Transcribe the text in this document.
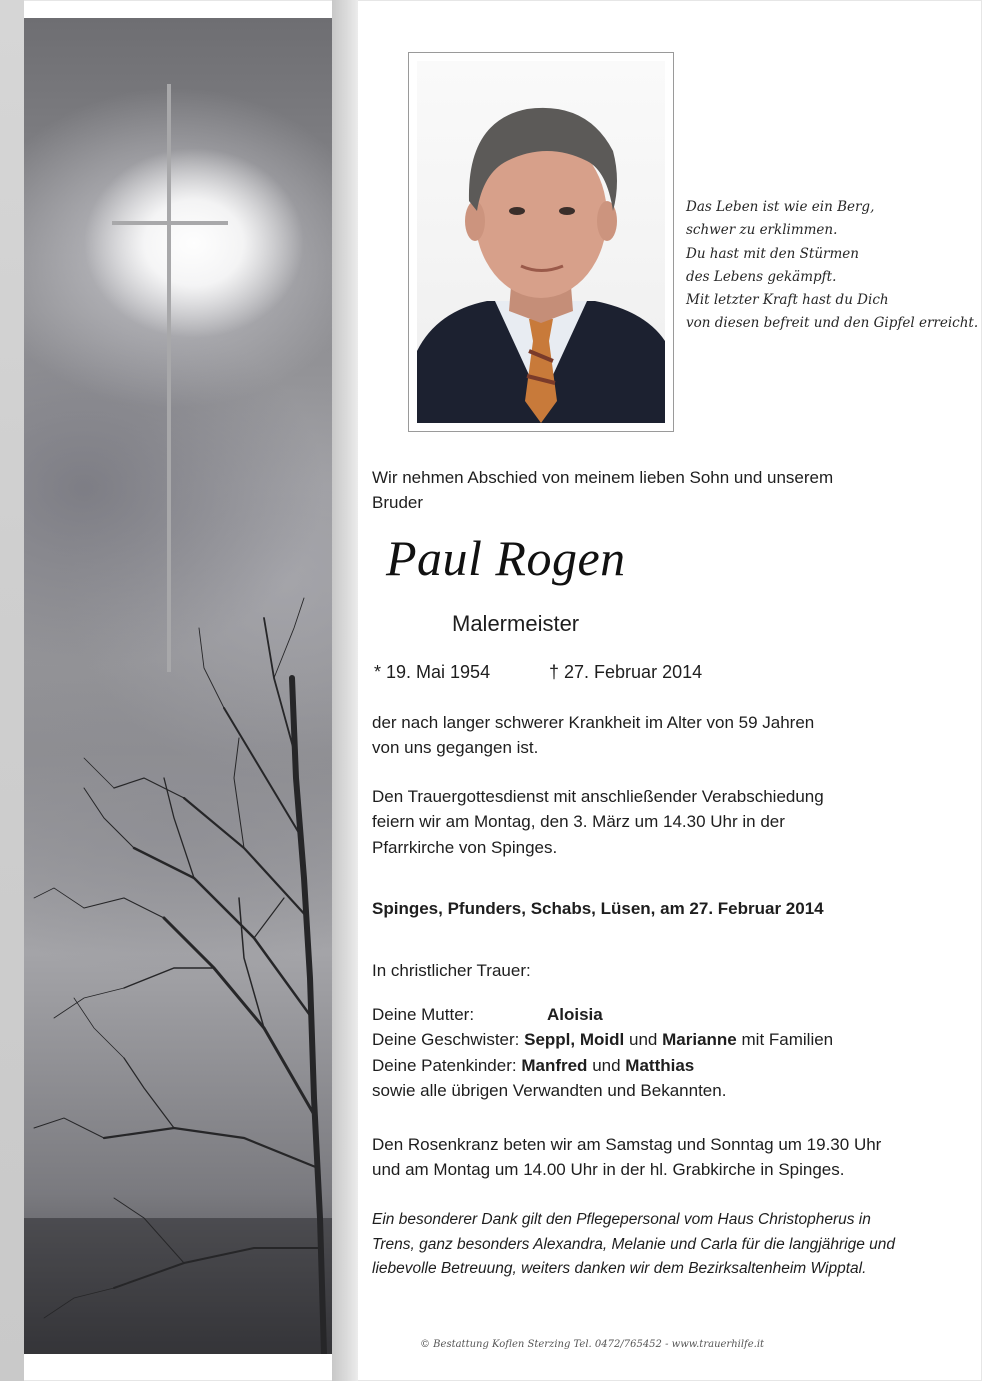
Das Leben ist wie ein Berg,
schwer zu erklimmen.
Du hast mit den Stürmen
des Lebens gekämpft.
Mit letzter Kraft hast du Dich
von diesen befreit und den Gipfel erreicht.

Wir nehmen Abschied von meinem lieben Sohn und unserem
Bruder

Paul Rogen

Malermeister

* 19. Mai 1954	† 27. Februar 2014

der nach langer schwerer Krankheit im Alter von 59 Jahren
von uns gegangen ist.

Den Trauergottesdienst mit anschließender Verabschiedung
feiern wir am Montag, den 3. März um 14.30 Uhr in der
Pfarrkirche von Spinges.

Spinges, Pfunders, Schabs, Lüsen, am 27. Februar 2014

In christlicher Trauer:

Deine Mutter:	Aloisia
Deine Geschwister: Seppl, Moidl und Marianne mit Familien
Deine Patenkinder: Manfred und Matthias
sowie alle übrigen Verwandten und Bekannten.

Den Rosenkranz beten wir am Samstag und Sonntag um 19.30 Uhr
und am Montag um 14.00 Uhr in der hl. Grabkirche in Spinges.

Ein besonderer Dank gilt den Pflegepersonal vom Haus Christopherus in
Trens, ganz besonders Alexandra, Melanie und Carla für die langjährige und
liebevolle Betreuung, weiters danken wir dem Bezirksaltenheim Wipptal.

© Bestattung Koflen Sterzing Tel. 0472/765452 - www.trauerhilfe.it
